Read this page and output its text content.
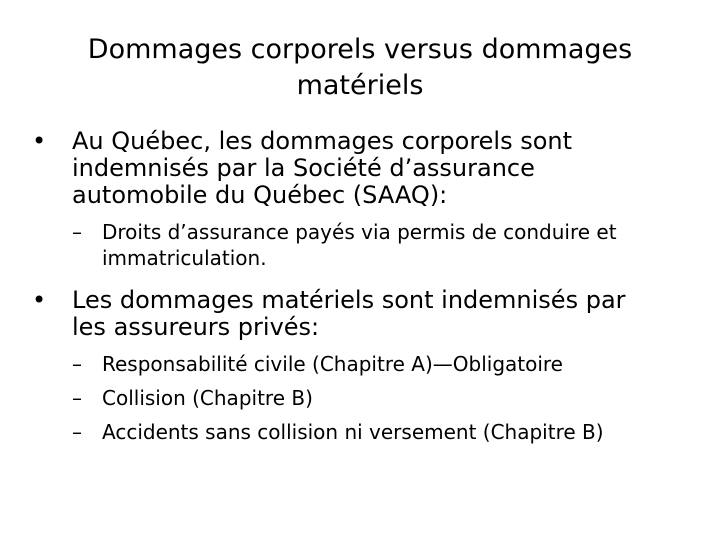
Dommages corporels versus dommages
matériels
• Au Québec, les dommages corporels sont
indemnisés par la Société d’assurance
automobile du Québec (SAAQ):
– Droits d’assurance payés via permis de conduire et
immatriculation.
• Les dommages matériels sont indemnisés par
les assureurs privés:
– Responsabilité civile (Chapitre A)—Obligatoire
– Collision (Chapitre B)
– Accidents sans collision ni versement (Chapitre B)
